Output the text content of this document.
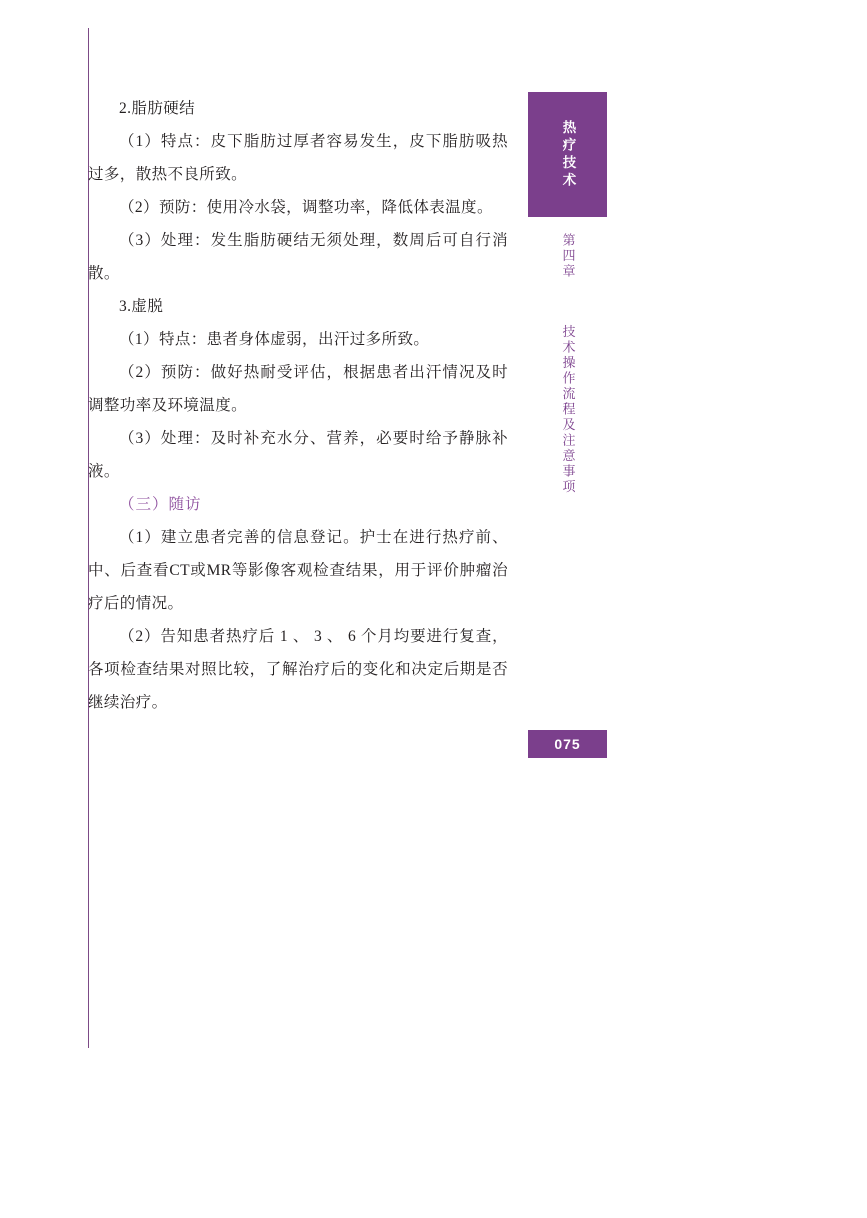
2.脂肪硬结

（1）特点：皮下脂肪过厚者容易发生，皮下脂肪吸热过多，散热不良所致。

（2）预防：使用冷水袋，调整功率，降低体表温度。

（3）处理：发生脂肪硬结无须处理，数周后可自行消散。

3.虚脱

（1）特点：患者身体虚弱，出汗过多所致。

（2）预防：做好热耐受评估，根据患者出汗情况及时调整功率及环境温度。

（3）处理：及时补充水分、营养，必要时给予静脉补液。

（三）随访

（1）建立患者完善的信息登记。护士在进行热疗前、中、后查看CT或MR等影像客观检查结果，用于评价肿瘤治疗后的情况。

（2）告知患者热疗后 1 、 3 、 6 个月均要进行复查，各项检查结果对照比较，了解治疗后的变化和决定后期是否继续治疗。

热疗技术
第四章  技术操作流程及注意事项
075
